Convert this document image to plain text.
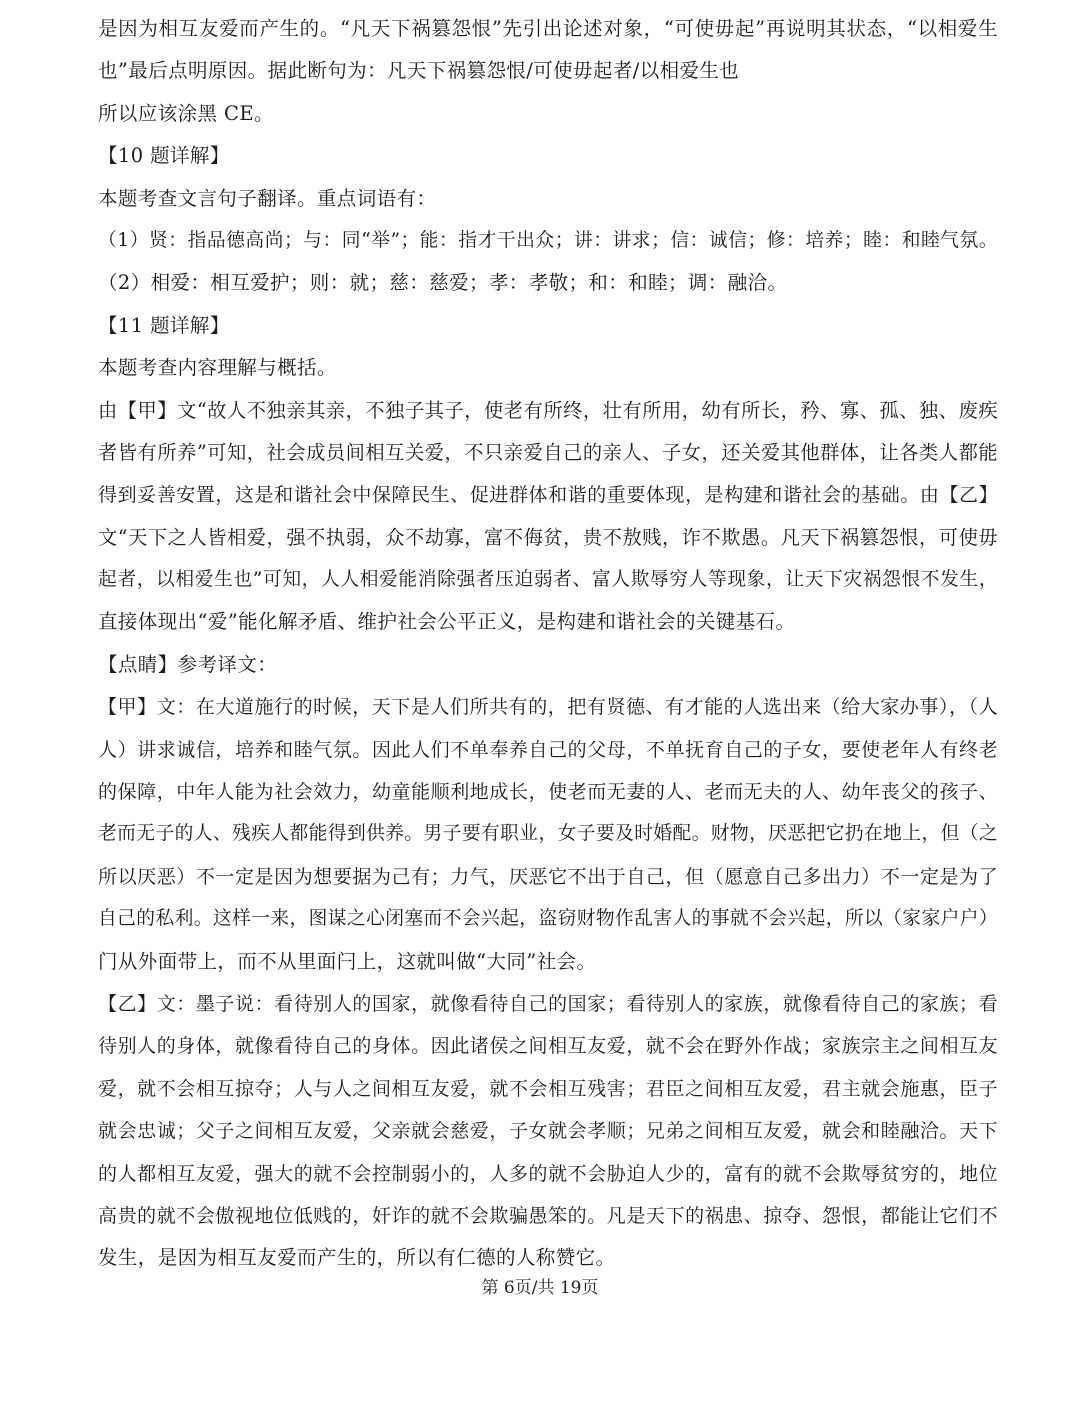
是因为相互友爱而产生的。“凡天下祸篡怨恨”先引出论述对象，“可使毋起”再说明其状态，“以相爱生
也”最后点明原因。据此断句为：凡天下祸篡怨恨/可使毋起者/以相爱生也
所以应该涂黑 CE。
【10 题详解】
本题考查文言句子翻译。重点词语有：
（1）贤：指品德高尚；与：同“举”；能：指才干出众；讲：讲求；信：诚信；修：培养；睦：和睦气氛。
（2）相爱：相互爱护；则：就；慈：慈爱；孝：孝敬；和：和睦；调：融洽。
【11 题详解】
本题考查内容理解与概括。
由【甲】文“故人不独亲其亲，不独子其子，使老有所终，壮有所用，幼有所长，矜、寡、孤、独、废疾
者皆有所养”可知，社会成员间相互关爱，不只亲爱自己的亲人、子女，还关爱其他群体，让各类人都能
得到妥善安置，这是和谐社会中保障民生、促进群体和谐的重要体现，是构建和谐社会的基础。由【乙】
文“天下之人皆相爱，强不执弱，众不劫寡，富不侮贫，贵不敖贱，诈不欺愚。凡天下祸篡怨恨，可使毋
起者，以相爱生也”可知，人人相爱能消除强者压迫弱者、富人欺辱穷人等现象，让天下灾祸怨恨不发生，
直接体现出“爱”能化解矛盾、维护社会公平正义，是构建和谐社会的关键基石。
【点睛】参考译文：
【甲】文：在大道施行的时候，天下是人们所共有的，把有贤德、有才能的人选出来（给大家办事），（人
人）讲求诚信，培养和睦气氛。因此人们不单奉养自己的父母，不单抚育自己的子女，要使老年人有终老
的保障，中年人能为社会效力，幼童能顺利地成长，使老而无妻的人、老而无夫的人、幼年丧父的孩子、
老而无子的人、残疾人都能得到供养。男子要有职业，女子要及时婚配。财物，厌恶把它扔在地上，但（之
所以厌恶）不一定是因为想要据为己有；力气，厌恶它不出于自己，但（愿意自己多出力）不一定是为了
自己的私利。这样一来，图谋之心闭塞而不会兴起，盗窃财物作乱害人的事就不会兴起，所以（家家户户）
门从外面带上，而不从里面闩上，这就叫做“大同”社会。
【乙】文：墨子说：看待别人的国家，就像看待自己的国家；看待别人的家族，就像看待自己的家族；看
待别人的身体，就像看待自己的身体。因此诸侯之间相互友爱，就不会在野外作战；家族宗主之间相互友
爱，就不会相互掠夺；人与人之间相互友爱，就不会相互残害；君臣之间相互友爱，君主就会施惠，臣子
就会忠诚；父子之间相互友爱，父亲就会慈爱，子女就会孝顺；兄弟之间相互友爱，就会和睦融洽。天下
的人都相互友爱，强大的就不会控制弱小的，人多的就不会胁迫人少的，富有的就不会欺辱贫穷的，地位
高贵的就不会傲视地位低贱的，奸诈的就不会欺骗愚笨的。凡是天下的祸患、掠夺、怨恨，都能让它们不
发生，是因为相互友爱而产生的，所以有仁德的人称赞它。
第 6页/共 19页
